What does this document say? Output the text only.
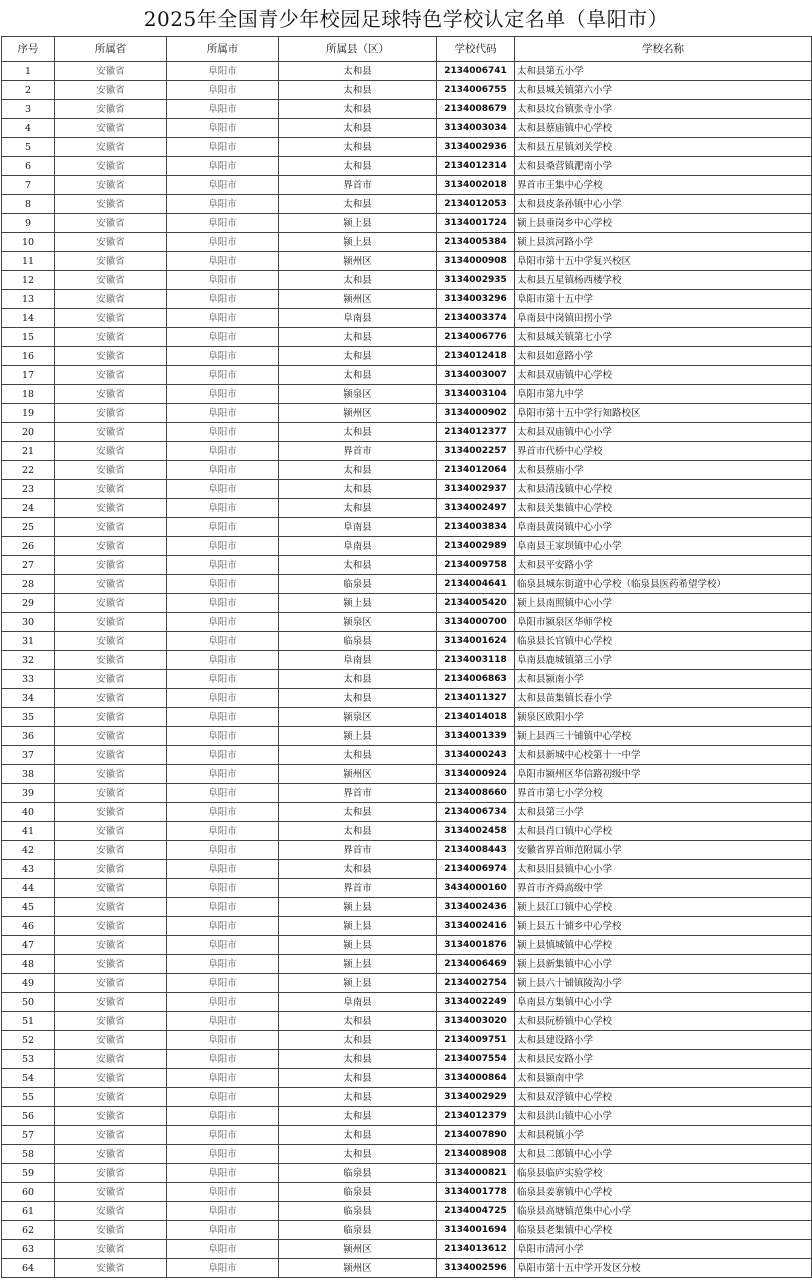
2025年全国青少年校园足球特色学校认定名单（阜阳市）
序号	所属省	所属市	所属县（区）	学校代码	学校名称
1	安徽省	阜阳市	太和县	2134006741	太和县第五小学
2	安徽省	阜阳市	太和县	2134006755	太和县城关镇第六小学
3	安徽省	阜阳市	太和县	2134008679	太和县坟台镇张寺小学
4	安徽省	阜阳市	太和县	3134003034	太和县蔡庙镇中心学校
5	安徽省	阜阳市	太和县	3134002936	太和县五星镇刘关学校
6	安徽省	阜阳市	太和县	2134012314	太和县桑营镇淝南小学
7	安徽省	阜阳市	界首市	3134002018	界首市王集中心学校
8	安徽省	阜阳市	太和县	2134012053	太和县皮条孙镇中心小学
9	安徽省	阜阳市	颍上县	3134001724	颍上县垂岗乡中心学校
10	安徽省	阜阳市	颍上县	2134005384	颍上县滨河路小学
11	安徽省	阜阳市	颍州区	3134000908	阜阳市第十五中学复兴校区
12	安徽省	阜阳市	太和县	3134002935	太和县五星镇杨西楼学校
13	安徽省	阜阳市	颍州区	3134003296	阜阳市第十五中学
14	安徽省	阜阳市	阜南县	2134003374	阜南县中岗镇田拐小学
15	安徽省	阜阳市	太和县	2134006776	太和县城关镇第七小学
16	安徽省	阜阳市	太和县	2134012418	太和县如意路小学
17	安徽省	阜阳市	太和县	3134003007	太和县双庙镇中心学校
18	安徽省	阜阳市	颍泉区	3134003104	阜阳市第九中学
19	安徽省	阜阳市	颍州区	3134000902	阜阳市第十五中学行知路校区
20	安徽省	阜阳市	太和县	2134012377	太和县双庙镇中心小学
21	安徽省	阜阳市	界首市	3134002257	界首市代桥中心学校
22	安徽省	阜阳市	太和县	2134012064	太和县蔡庙小学
23	安徽省	阜阳市	太和县	3134002937	太和县清浅镇中心学校
24	安徽省	阜阳市	太和县	3134002497	太和县关集镇中心学校
25	安徽省	阜阳市	阜南县	2134003834	阜南县黄岗镇中心小学
26	安徽省	阜阳市	阜南县	2134002989	阜南县王家坝镇中心小学
27	安徽省	阜阳市	太和县	2134009758	太和县平安路小学
28	安徽省	阜阳市	临泉县	2134004641	临泉县城东街道中心学校（临泉县医药希望学校）
29	安徽省	阜阳市	颍上县	2134005420	颍上县南照镇中心小学
30	安徽省	阜阳市	颍泉区	3134000700	阜阳市颍泉区华师学校
31	安徽省	阜阳市	临泉县	3134001624	临泉县长官镇中心学校
32	安徽省	阜阳市	阜南县	2134003118	阜南县鹿城镇第三小学
33	安徽省	阜阳市	太和县	2134006863	太和县颍南小学
34	安徽省	阜阳市	太和县	2134011327	太和县苗集镇长春小学
35	安徽省	阜阳市	颍泉区	2134014018	颍泉区欧阳小学
36	安徽省	阜阳市	颍上县	3134001339	颍上县西三十铺镇中心学校
37	安徽省	阜阳市	太和县	3134000243	太和县新城中心校第十一中学
38	安徽省	阜阳市	颍州区	3134000924	阜阳市颍州区华信路初级中学
39	安徽省	阜阳市	界首市	2134008660	界首市第七小学分校
40	安徽省	阜阳市	太和县	2134006734	太和县第三小学
41	安徽省	阜阳市	太和县	3134002458	太和县肖口镇中心学校
42	安徽省	阜阳市	界首市	2134008443	安徽省界首师范附属小学
43	安徽省	阜阳市	太和县	2134006974	太和县旧县镇中心小学
44	安徽省	阜阳市	界首市	3434000160	界首市齐舜高级中学
45	安徽省	阜阳市	颍上县	3134002436	颍上县江口镇中心学校
46	安徽省	阜阳市	颍上县	3134002416	颍上县五十铺乡中心学校
47	安徽省	阜阳市	颍上县	3134001876	颍上县慎城镇中心学校
48	安徽省	阜阳市	颍上县	2134006469	颍上县新集镇中心小学
49	安徽省	阜阳市	颍上县	2134002754	颍上县六十铺镇陵沟小学
50	安徽省	阜阳市	阜南县	3134002249	阜南县方集镇中心小学
51	安徽省	阜阳市	太和县	3134003020	太和县阮桥镇中心学校
52	安徽省	阜阳市	太和县	2134009751	太和县建设路小学
53	安徽省	阜阳市	太和县	2134007554	太和县民安路小学
54	安徽省	阜阳市	太和县	3134000864	太和县颍南中学
55	安徽省	阜阳市	太和县	3134002929	太和县双浮镇中心学校
56	安徽省	阜阳市	太和县	2134012379	太和县洪山镇中心小学
57	安徽省	阜阳市	太和县	2134007890	太和县税镇小学
58	安徽省	阜阳市	太和县	2134008908	太和县二郎镇中心小学
59	安徽省	阜阳市	临泉县	3134000821	临泉县临庐实验学校
60	安徽省	阜阳市	临泉县	3134001778	临泉县姜寨镇中心学校
61	安徽省	阜阳市	临泉县	2134004725	临泉县高塘镇范集中心小学
62	安徽省	阜阳市	临泉县	3134001694	临泉县老集镇中心学校
63	安徽省	阜阳市	颍州区	2134013612	阜阳市清河小学
64	安徽省	阜阳市	颍州区	3134002596	阜阳市第十五中学开发区分校
